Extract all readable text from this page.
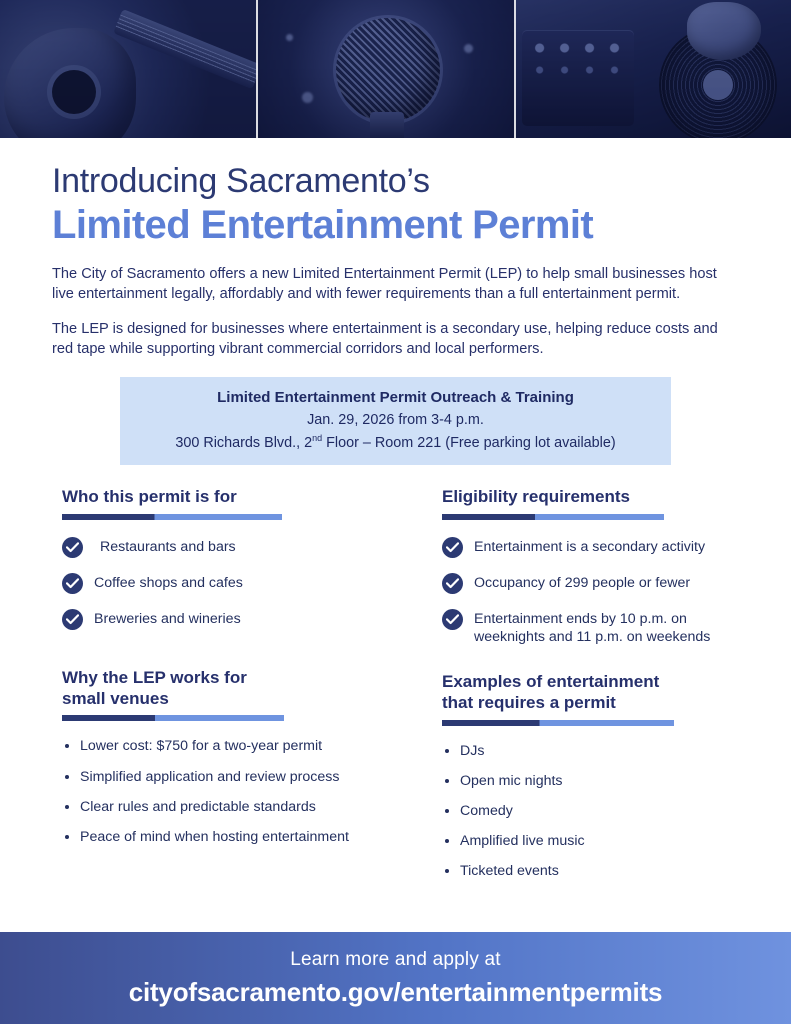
Introducing Sacramento’s
Limited Entertainment Permit

The City of Sacramento offers a new Limited Entertainment Permit (LEP) to help small businesses host live entertainment legally, affordably and with fewer requirements than a full entertainment permit.

The LEP is designed for businesses where entertainment is a secondary use, helping reduce costs and red tape while supporting vibrant commercial corridors and local performers.

Limited Entertainment Permit Outreach & Training
Jan. 29, 2026 from 3-4 p.m.
300 Richards Blvd., 2nd Floor – Room 221 (Free parking lot available)
Who this permit is for
Restaurants and bars
Coffee shops and cafes
Breweries and wineries
Why the LEP works for
small venues
• Lower cost: $750 for a two-year permit
• Simplified application and review process
• Clear rules and predictable standards
• Peace of mind when hosting entertainment
Eligibility requirements
Entertainment is a secondary activity
Occupancy of 299 people or fewer
Entertainment ends by 10 p.m. on weeknights and 11 p.m. on weekends
Examples of entertainment
that requires a permit
• DJs
• Open mic nights
• Comedy
• Amplified live music
• Ticketed events
Learn more and apply at
cityofsacramento.gov/entertainmentpermits
